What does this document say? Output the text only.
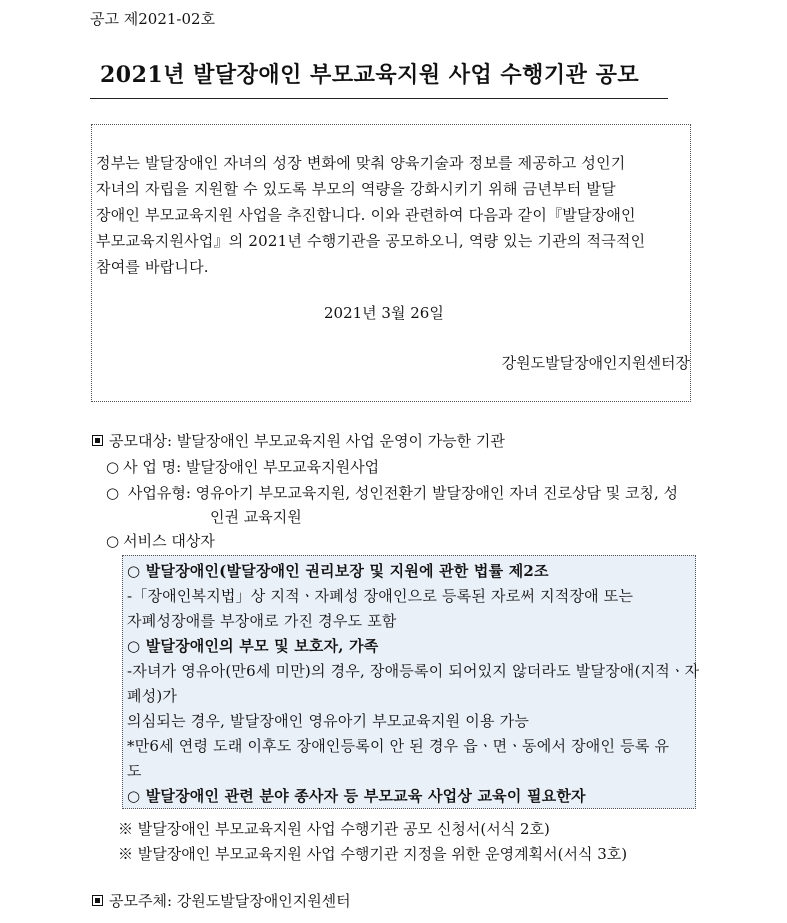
공고 제2021-02호
2021년 발달장애인 부모교육지원 사업 수행기관 공모
정부는 발달장애인 자녀의 성장 변화에 맞춰 양육기술과 정보를 제공하고 성인기
자녀의 자립을 지원할 수 있도록 부모의 역량을 강화시키기 위해 금년부터 발달
장애인 부모교육지원 사업을 추진합니다. 이와 관련하여 다음과 같이『발달장애인
부모교육지원사업』의 2021년 수행기관을 공모하오니, 역량 있는 기관의 적극적인
참여를 바랍니다.
2021년 3월 26일
강원도발달장애인지원센터장
공모대상: 발달장애인 부모교육지원 사업 운영이 가능한 기관
○ 사 업 명: 발달장애인 부모교육지원사업
○ 사업유형: 영유아기 부모교육지원, 성인전환기 발달장애인 자녀 진로상담 및 코칭, 성
인권 교육지원
○ 서비스 대상자
○ 발달장애인(발달장애인 권리보장 및 지원에 관한 법률 제2조
-「장애인복지법」상 지적ㆍ자폐성 장애인으로 등록된 자로써 지적장애 또는
자폐성장애를 부장애로 가진 경우도 포함
○ 발달장애인의 부모 및 보호자, 가족
-자녀가 영유아(만6세 미만)의 경우, 장애등록이 되어있지 않더라도 발달장애(지적ㆍ자
폐성)가
의심되는 경우, 발달장애인 영유아기 부모교육지원 이용 가능
*만6세 연령 도래 이후도 장애인등록이 안 된 경우 읍ㆍ면ㆍ동에서 장애인 등록 유
도
○ 발달장애인 관련 분야 종사자 등 부모교육 사업상 교육이 필요한자
※ 발달장애인 부모교육지원 사업 수행기관 공모 신청서(서식 2호)
※ 발달장애인 부모교육지원 사업 수행기관 지정을 위한 운영계획서(서식 3호)
공모주체: 강원도발달장애인지원센터
